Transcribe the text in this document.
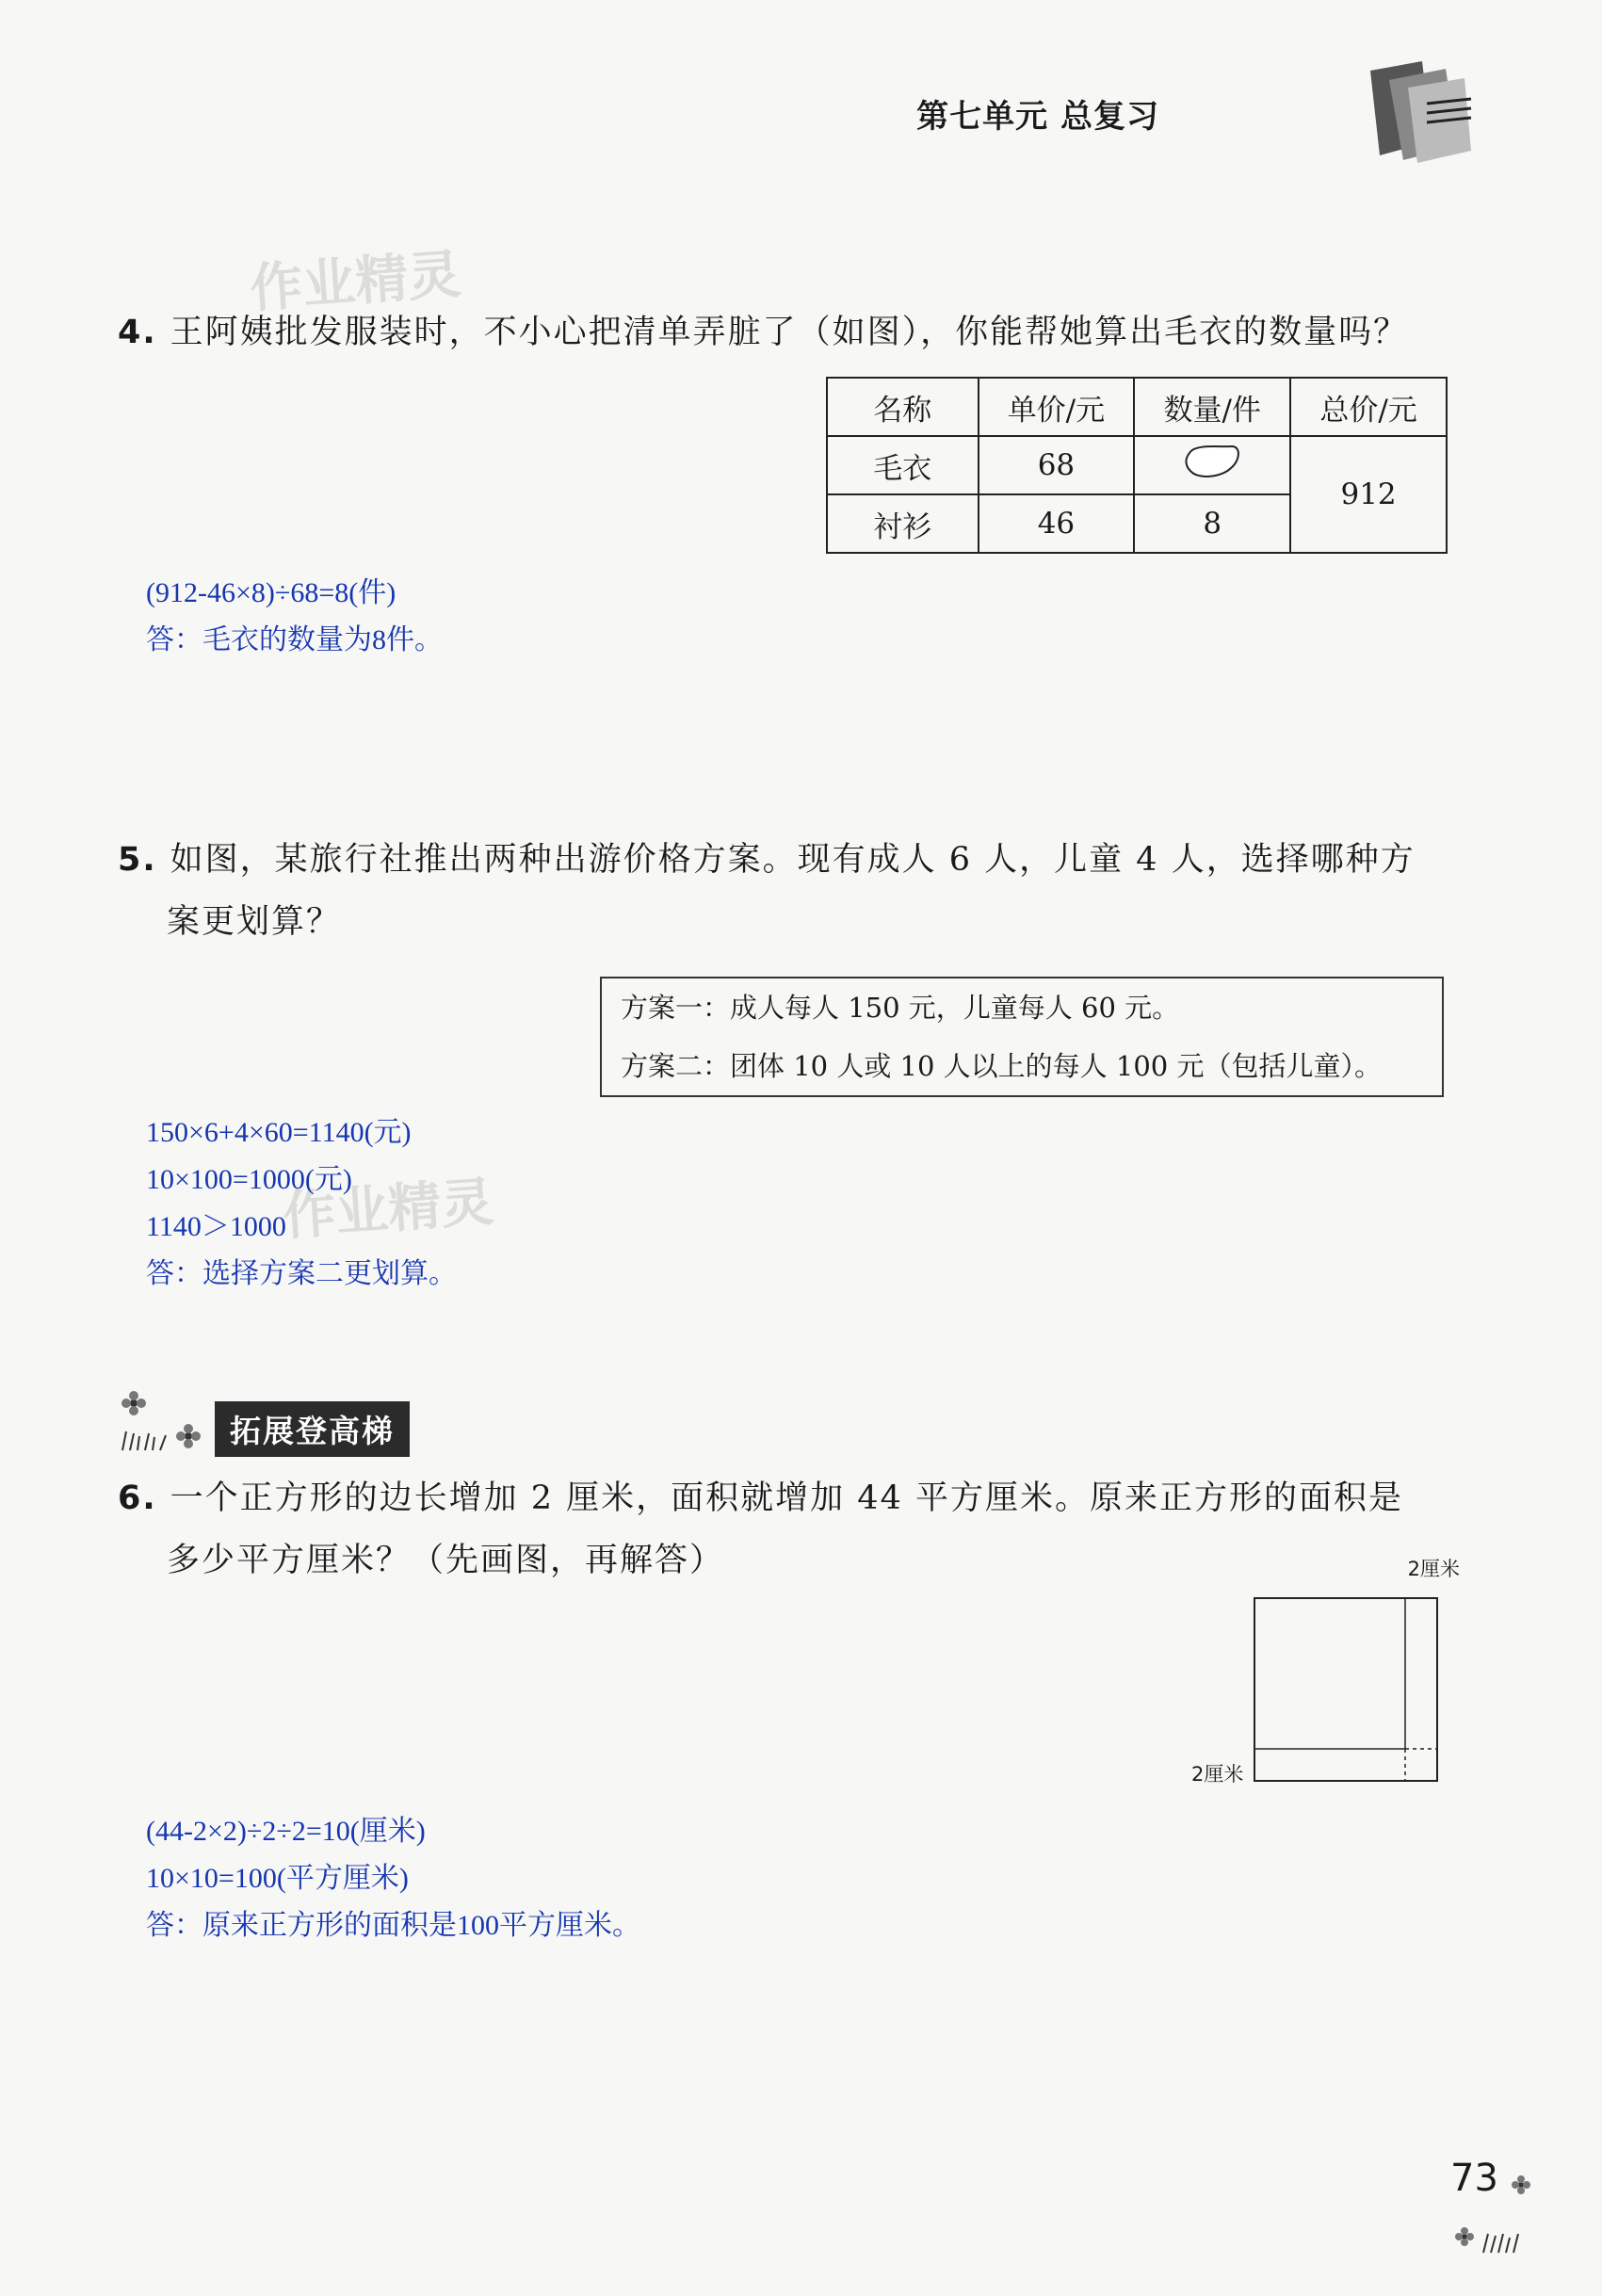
第七单元 总复习
作业精灵
作业精灵
4. 王阿姨批发服装时，不小心把清单弄脏了（如图），你能帮她算出毛衣的数量吗？
名称	单价/元	数量/件	总价/元
毛衣	68		912
衬衫	46	8	
(912-46×8)÷68=8(件)
答：毛衣的数量为8件。
5. 如图，某旅行社推出两种出游价格方案。现有成人 6 人，儿童 4 人，选择哪种方
案更划算？
方案一：成人每人 150 元，儿童每人 60 元。
方案二：团体 10 人或 10 人以上的每人 100 元（包括儿童）。
150×6+4×60=1140(元)
10×100=1000(元)
1140＞1000
答：选择方案二更划算。
拓展登高梯
6. 一个正方形的边长增加 2 厘米，面积就增加 44 平方厘米。原来正方形的面积是
多少平方厘米？（先画图，再解答）	2厘米
2厘米
(44-2×2)÷2÷2=10(厘米)
10×10=100(平方厘米)
答：原来正方形的面积是100平方厘米。
73
